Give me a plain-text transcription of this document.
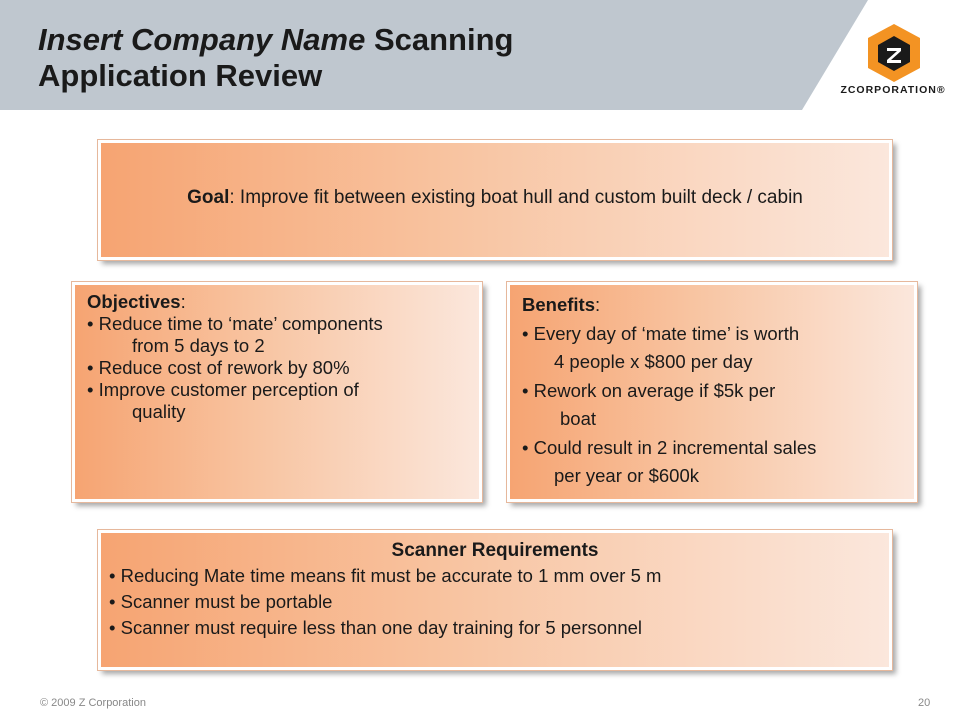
Insert Company Name Scanning
Application Review	ZCORPORATION®
Goal: Improve fit between existing boat hull and custom built deck / cabin
Objectives:
• Reduce time to ‘mate’ components
from 5 days to 2
• Reduce cost of rework by 80%
• Improve customer perception of
quality
Benefits:
• Every day of ‘mate time’ is worth
4 people x $800 per day
• Rework on average if $5k per
boat
• Could result in 2 incremental sales
per year or $600k
Scanner Requirements
• Reducing Mate time means fit must be accurate to 1 mm over 5 m
• Scanner must be portable
• Scanner must require less than one day training for 5 personnel
© 2009 Z Corporation	20
